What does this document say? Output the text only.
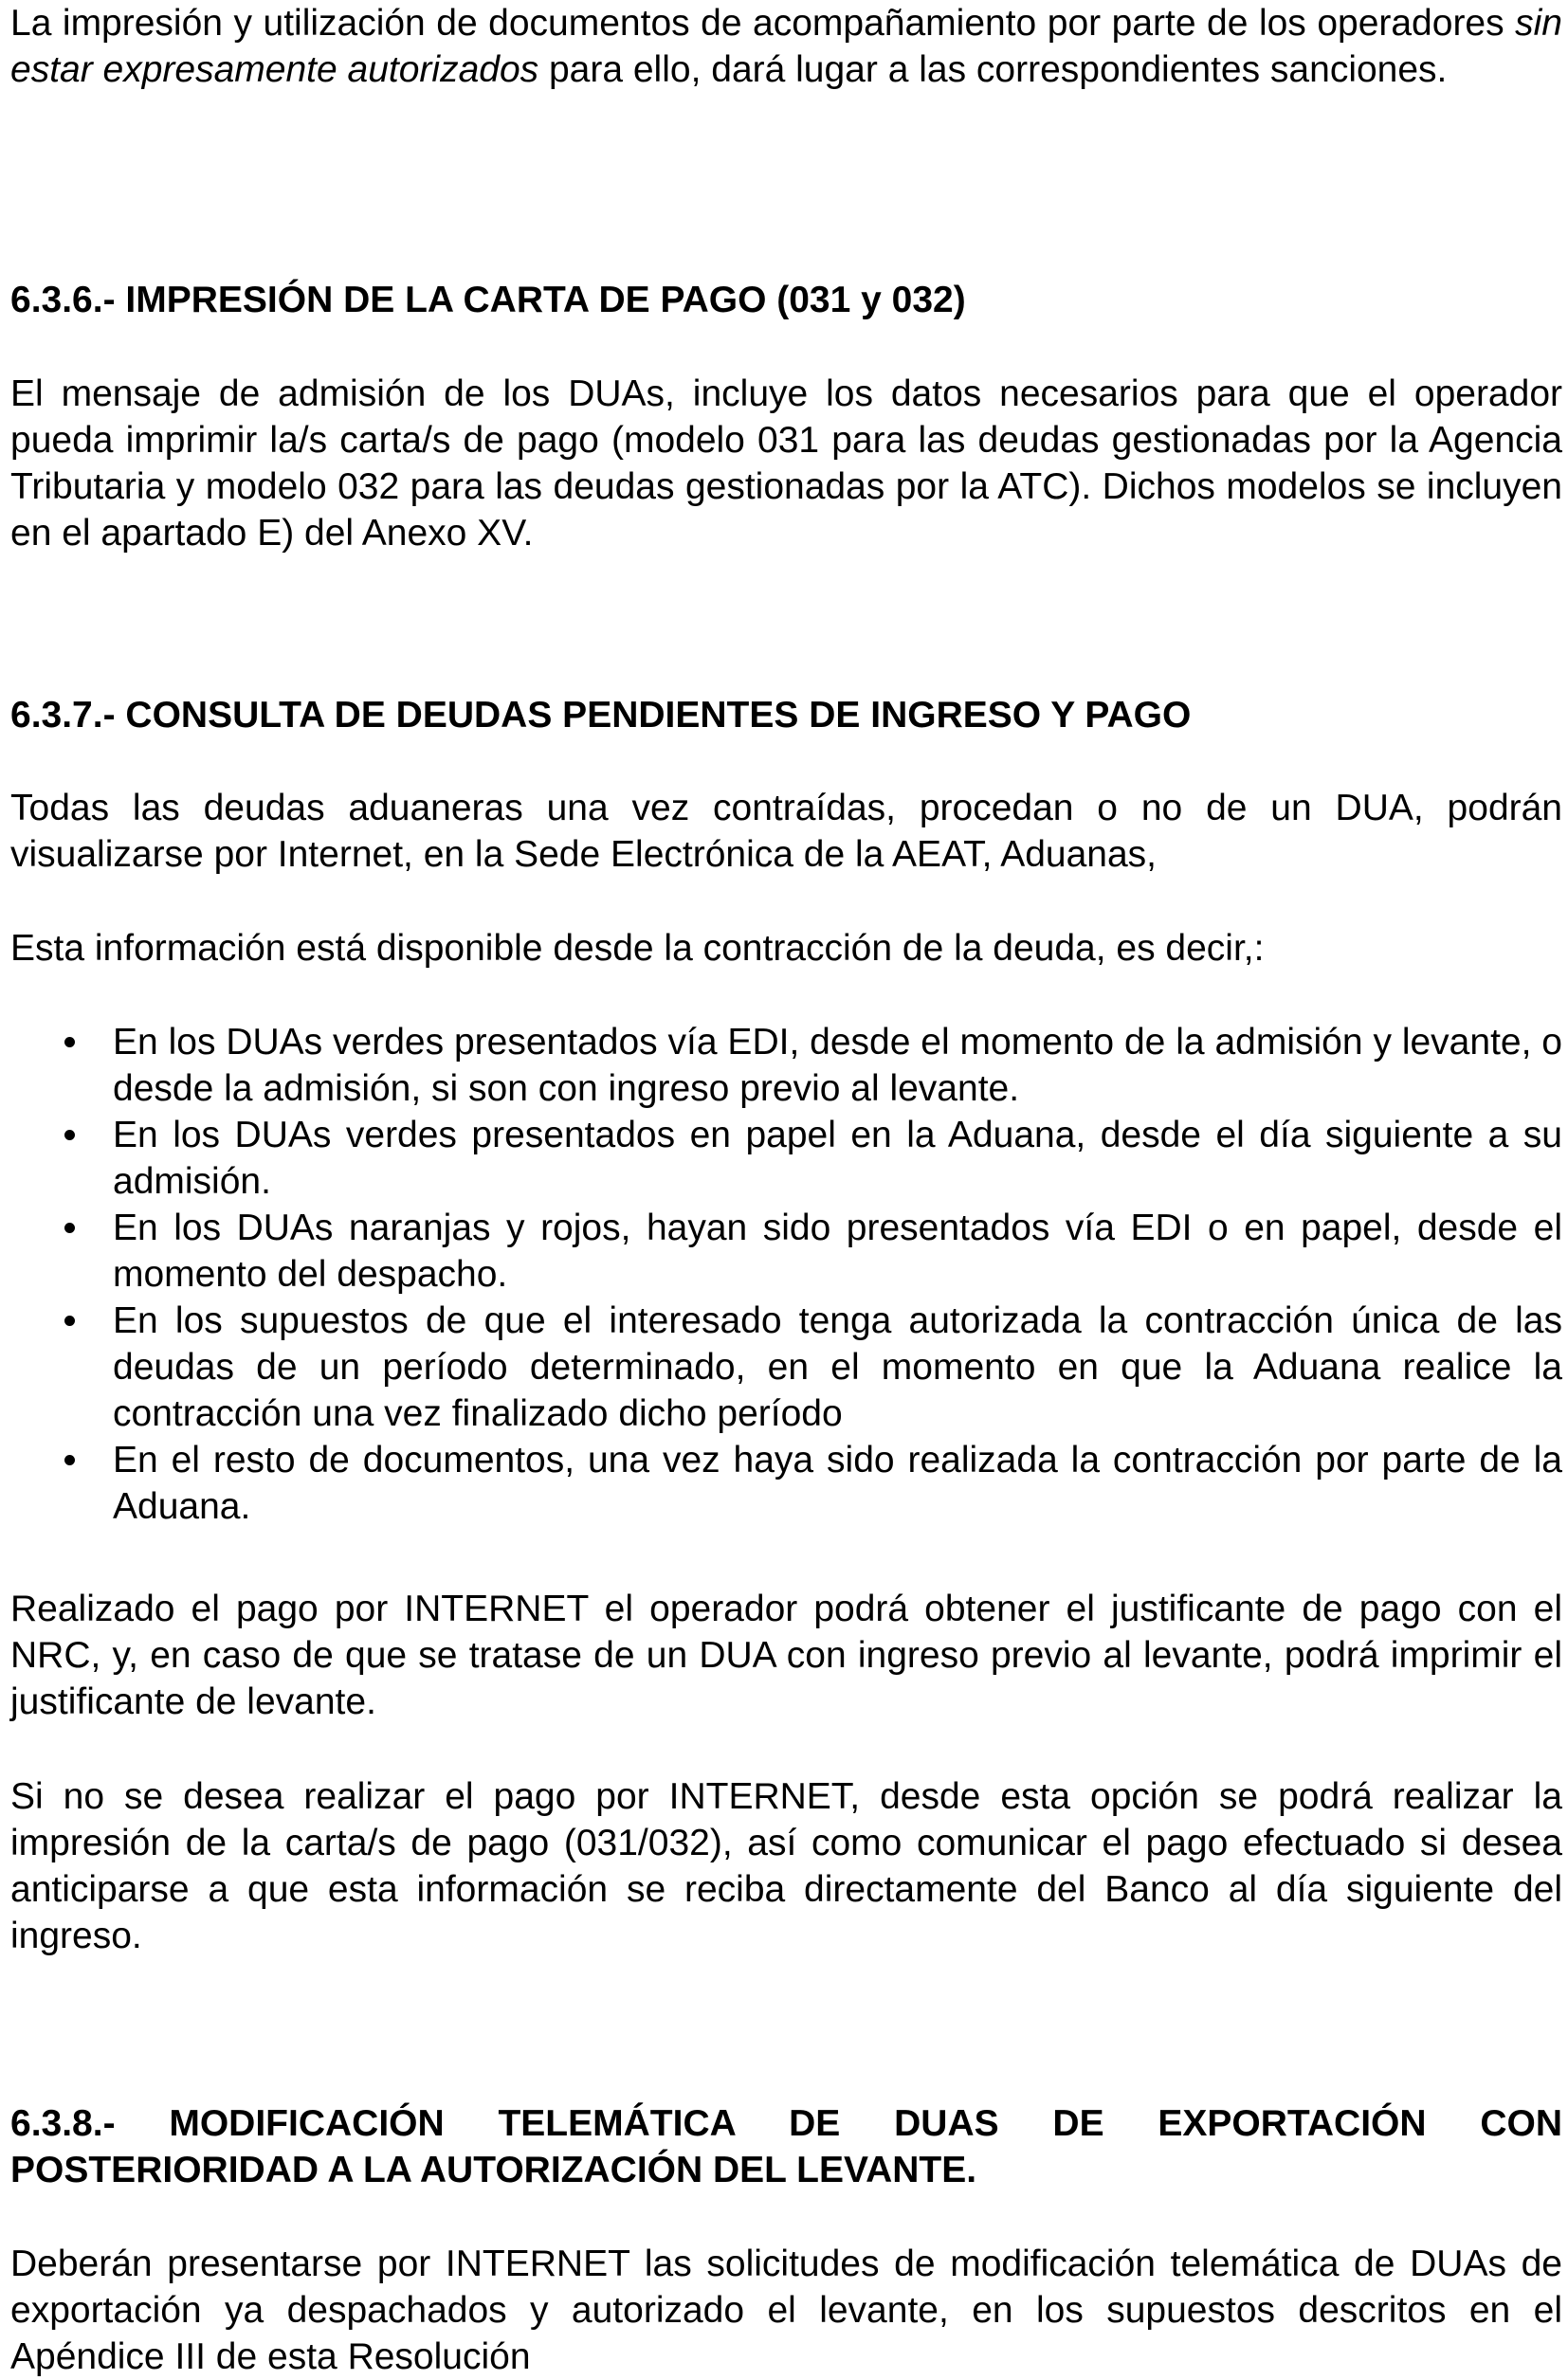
La impresión y utilización de documentos de acompañamiento por parte de los operadores sin estar expresamente autorizados para ello, dará lugar a las correspondientes sanciones.

6.3.6.- IMPRESIÓN DE LA CARTA DE PAGO (031 y 032)

El mensaje de admisión de los DUAs, incluye los datos necesarios para que el operador pueda imprimir la/s carta/s de pago (modelo 031 para las deudas gestionadas por la Agencia Tributaria y modelo 032 para las deudas gestionadas por la ATC). Dichos modelos se incluyen en el apartado E) del Anexo XV.

6.3.7.- CONSULTA DE DEUDAS PENDIENTES DE INGRESO Y PAGO

Todas las deudas aduaneras una vez contraídas, procedan o no de un DUA, podrán visualizarse por Internet, en la Sede Electrónica de la AEAT, Aduanas,

Esta información está disponible desde la contracción de la deuda, es decir,:

En los DUAs verdes presentados vía EDI, desde el momento de la admisión y levante, o desde la admisión, si son con ingreso previo al levante.
En los DUAs verdes presentados en papel en la Aduana, desde el día siguiente a su admisión.
En los DUAs naranjas y rojos, hayan sido presentados vía EDI o en papel, desde el momento del despacho.
En los supuestos de que el interesado tenga autorizada la contracción única de las deudas de un período determinado, en el momento en que la Aduana realice la contracción una vez finalizado dicho período
En el resto de documentos, una vez haya sido realizada la contracción por parte de la Aduana.

Realizado el pago por INTERNET el operador podrá obtener el justificante de pago con el NRC, y, en caso de que se tratase de un DUA con ingreso previo al levante, podrá imprimir el justificante de levante.

Si no se desea realizar el pago por INTERNET, desde esta opción se podrá realizar la impresión de la carta/s de pago (031/032), así como comunicar el pago efectuado si desea anticiparse a que esta información se reciba directamente del Banco al día siguiente del ingreso.

6.3.8.- MODIFICACIÓN TELEMÁTICA DE DUAS DE EXPORTACIÓN CON POSTERIORIDAD A LA AUTORIZACIÓN DEL LEVANTE.

Deberán presentarse por INTERNET las solicitudes de modificación telemática de DUAs de exportación ya despachados y autorizado el levante, en los supuestos descritos en el Apéndice III de esta Resolución
